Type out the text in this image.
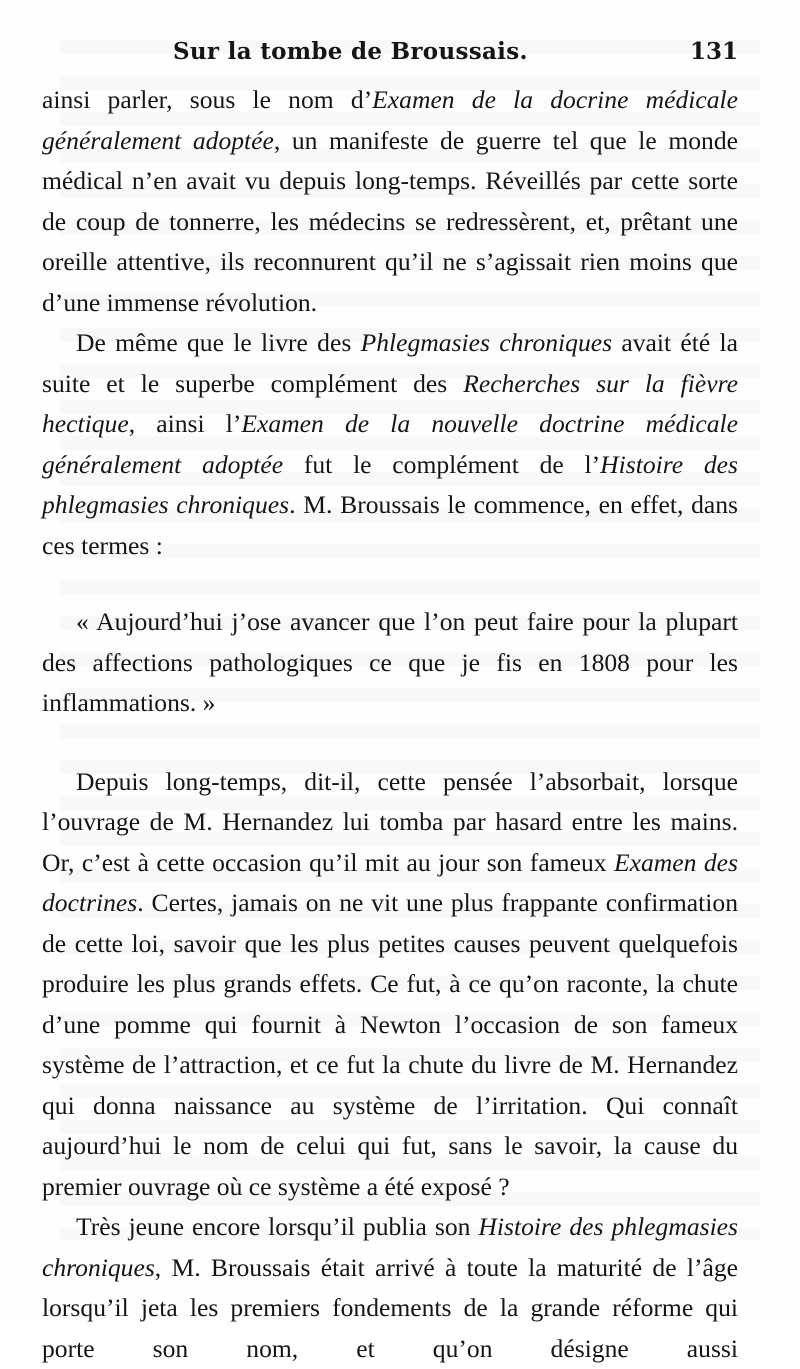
Sur la tombe de Broussais.	131

ainsi parler, sous le nom d’Examen de la docrine médicale généralement adoptée, un manifeste de guerre tel que le monde médical n’en avait vu depuis long-temps. Réveillés par cette sorte de coup de tonnerre, les médecins se redressèrent, et, prêtant une oreille attentive, ils reconnurent qu’il ne s’agissait rien moins que d’une immense révolution.

De même que le livre des Phlegmasies chroniques avait été la suite et le superbe complément des Recherches sur la fièvre hectique, ainsi l’Examen de la nouvelle doctrine médicale généralement adoptée fut le complément de l’Histoire des phlegmasies chroniques. M. Broussais le commence, en effet, dans ces termes :

« Aujourd’hui j’ose avancer que l’on peut faire pour la plupart des affections pathologiques ce que je fis en 1808 pour les inflammations. »

Depuis long-temps, dit-il, cette pensée l’absorbait, lorsque l’ouvrage de M. Hernandez lui tomba par hasard entre les mains. Or, c’est à cette occasion qu’il mit au jour son fameux Examen des doctrines. Certes, jamais on ne vit une plus frappante confirmation de cette loi, savoir que les plus petites causes peuvent quelquefois produire les plus grands effets. Ce fut, à ce qu’on raconte, la chute d’une pomme qui fournit à Newton l’occasion de son fameux système de l’attraction, et ce fut la chute du livre de M. Hernandez qui donna naissance au système de l’irritation. Qui connaît aujourd’hui le nom de celui qui fut, sans le savoir, la cause du premier ouvrage où ce système a été exposé ?

Très jeune encore lorsqu’il publia son Histoire des phlegmasies chroniques, M. Broussais était arrivé à toute la maturité de l’âge lorsqu’il jeta les premiers fondements de la grande réforme qui porte son nom, et qu’on désigne aussi
